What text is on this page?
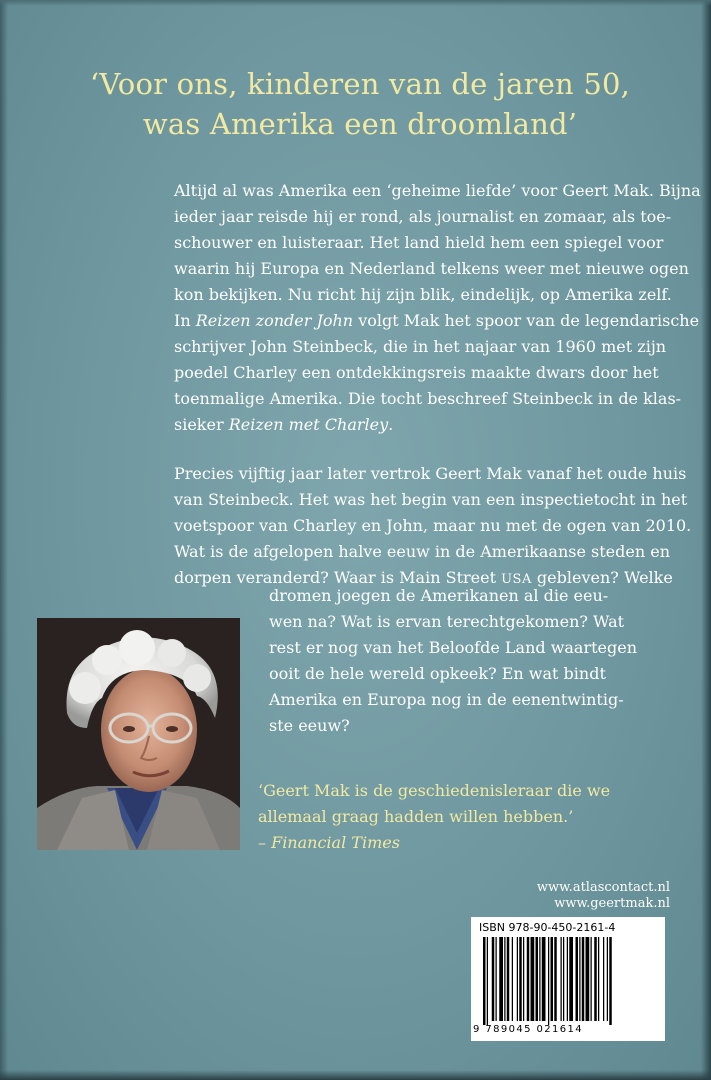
‘Voor ons, kinderen van de jaren 50,
was Amerika een droomland’
Altijd al was Amerika een ‘geheime liefde’ voor Geert Mak. Bijna
ieder jaar reisde hij er rond, als journalist en zomaar, als toe-
schouwer en luisteraar. Het land hield hem een spiegel voor
waarin hij Europa en Nederland telkens weer met nieuwe ogen
kon bekijken. Nu richt hij zijn blik, eindelijk, op Amerika zelf.
In Reizen zonder John volgt Mak het spoor van de legendarische
schrijver John Steinbeck, die in het najaar van 1960 met zijn
poedel Charley een ontdekkingsreis maakte dwars door het
toenmalige Amerika. Die tocht beschreef Steinbeck in de klas-
sieker Reizen met Charley.
Precies vijftig jaar later vertrok Geert Mak vanaf het oude huis
van Steinbeck. Het was het begin van een inspectietocht in het
voetspoor van Charley en John, maar nu met de ogen van 2010.
Wat is de afgelopen halve eeuw in de Amerikaanse steden en
dorpen veranderd? Waar is Main Street USA gebleven? Welke
dromen joegen de Amerikanen al die eeu-
wen na? Wat is ervan terechtgekomen? Wat
rest er nog van het Beloofde Land waartegen
ooit de hele wereld opkeek? En wat bindt
Amerika en Europa nog in de eenentwintig-
ste eeuw?
‘Geert Mak is de geschiedenisleraar die we
allemaal graag hadden willen hebben.’
– Financial Times
www.atlascontact.nl
www.geertmak.nl
ISBN 978-90-450-2161-4
9 789045 021614
